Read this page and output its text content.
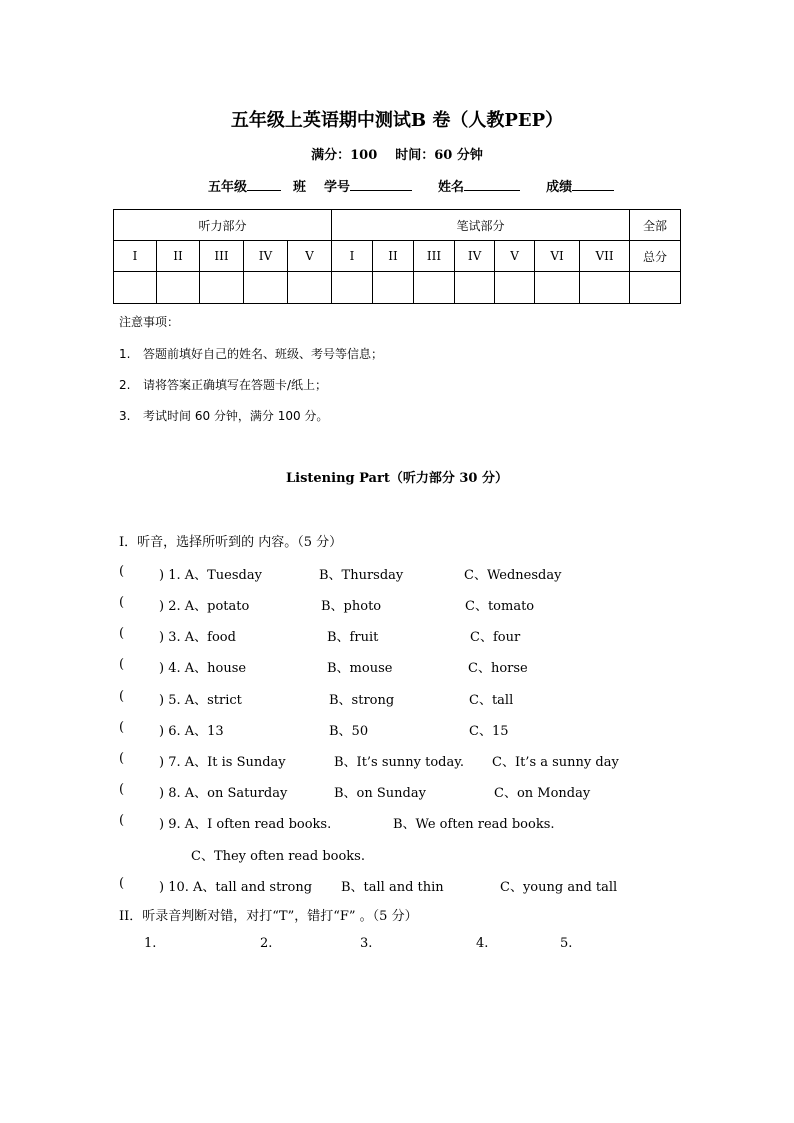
五年级上英语期中测试B 卷（人教PEP）
满分：100 时间：60 分钟
五年级	班 学号	姓名	成绩
听力部分					笔试部分							全部
I	II	III	IV	V	I	II	III	IV	V	VI	VII	总分

注意事项：
1. 答题前填好自己的姓名、班级、考号等信息；
2. 请将答案正确填写在答题卡/纸上；
3. 考试时间 60 分钟，满分 100 分。
Listening Part（听力部分 30 分）
I．听音，选择所听到的 内容。（5 分）
(	) 1. A、Tuesday	B、Thursday	C、Wednesday
(	) 2. A、potato	B、photo	C、tomato
(	) 3. A、food	B、fruit	C、four
(	) 4. A、house	B、mouse	C、horse
(	) 5. A、strict	B、strong	C、tall
(	) 6. A、13	B、50	C、15
(	) 7. A、It is Sunday	B、It’s sunny today. C、It’s a sunny day
(	) 8. A、on Saturday	B、on Sunday	C、on Monday
(	) 9. A、I often read books.	B、We often read books.
C、They often read books.
(	) 10. A、tall and strong B、tall and thin	C、young and tall
II．听录音判断对错，对打“T”，错打“F” 。（5 分）
1.	2.	3.	4.	5.
